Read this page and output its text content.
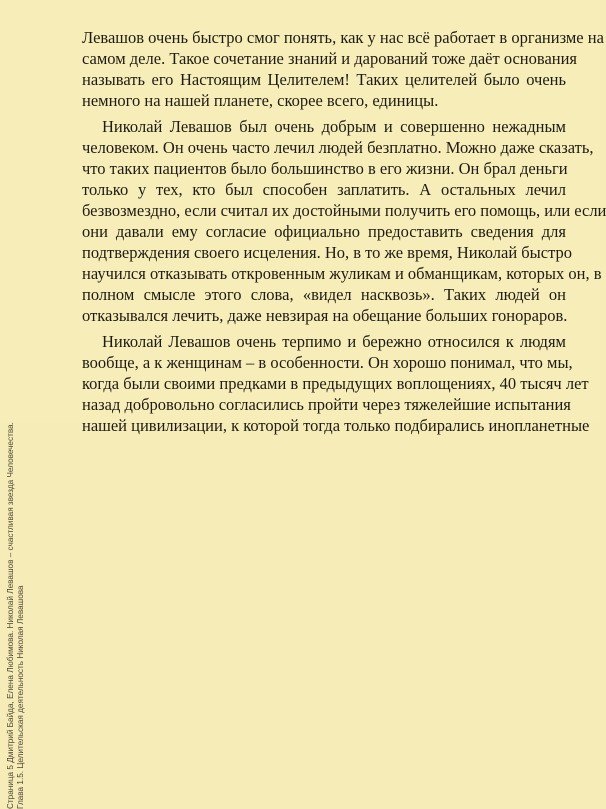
Страница 5 Дмитрий Байда, Елена Любимова. Николай Левашов – счастливая звезда Человечества. Глава 1.5. Целительская деятельность Николая Левашова

Левашов очень быстро смог понять, как у нас всё работает в организме на
самом деле. Такое сочетание знаний и дарований тоже даёт основания
называть его Настоящим Целителем! Таких целителей было очень
немного на нашей планете, скорее всего, единицы.

Николай Левашов был очень добрым и совершенно нежадным
человеком. Он очень часто лечил людей безплатно. Можно даже сказать,
что таких пациентов было большинство в его жизни. Он брал деньги
только у тех, кто был способен заплатить. А остальных лечил
безвозмездно, если считал их достойными получить его помощь, или если
они давали ему согласие официально предоставить сведения для
подтверждения своего исцеления. Но, в то же время, Николай быстро
научился отказывать откровенным жуликам и обманщикам, которых он, в
полном смысле этого слова, «видел насквозь». Таких людей он
отказывался лечить, даже невзирая на обещание больших гонораров.

Николай Левашов очень терпимо и бережно относился к людям
вообще, а к женщинам – в особенности. Он хорошо понимал, что мы,
когда были своими предками в предыдущих воплощениях, 40 тысяч лет
назад добровольно согласились пройти через тяжелейшие испытания
нашей цивилизации, к которой тогда только подбирались инопланетные
